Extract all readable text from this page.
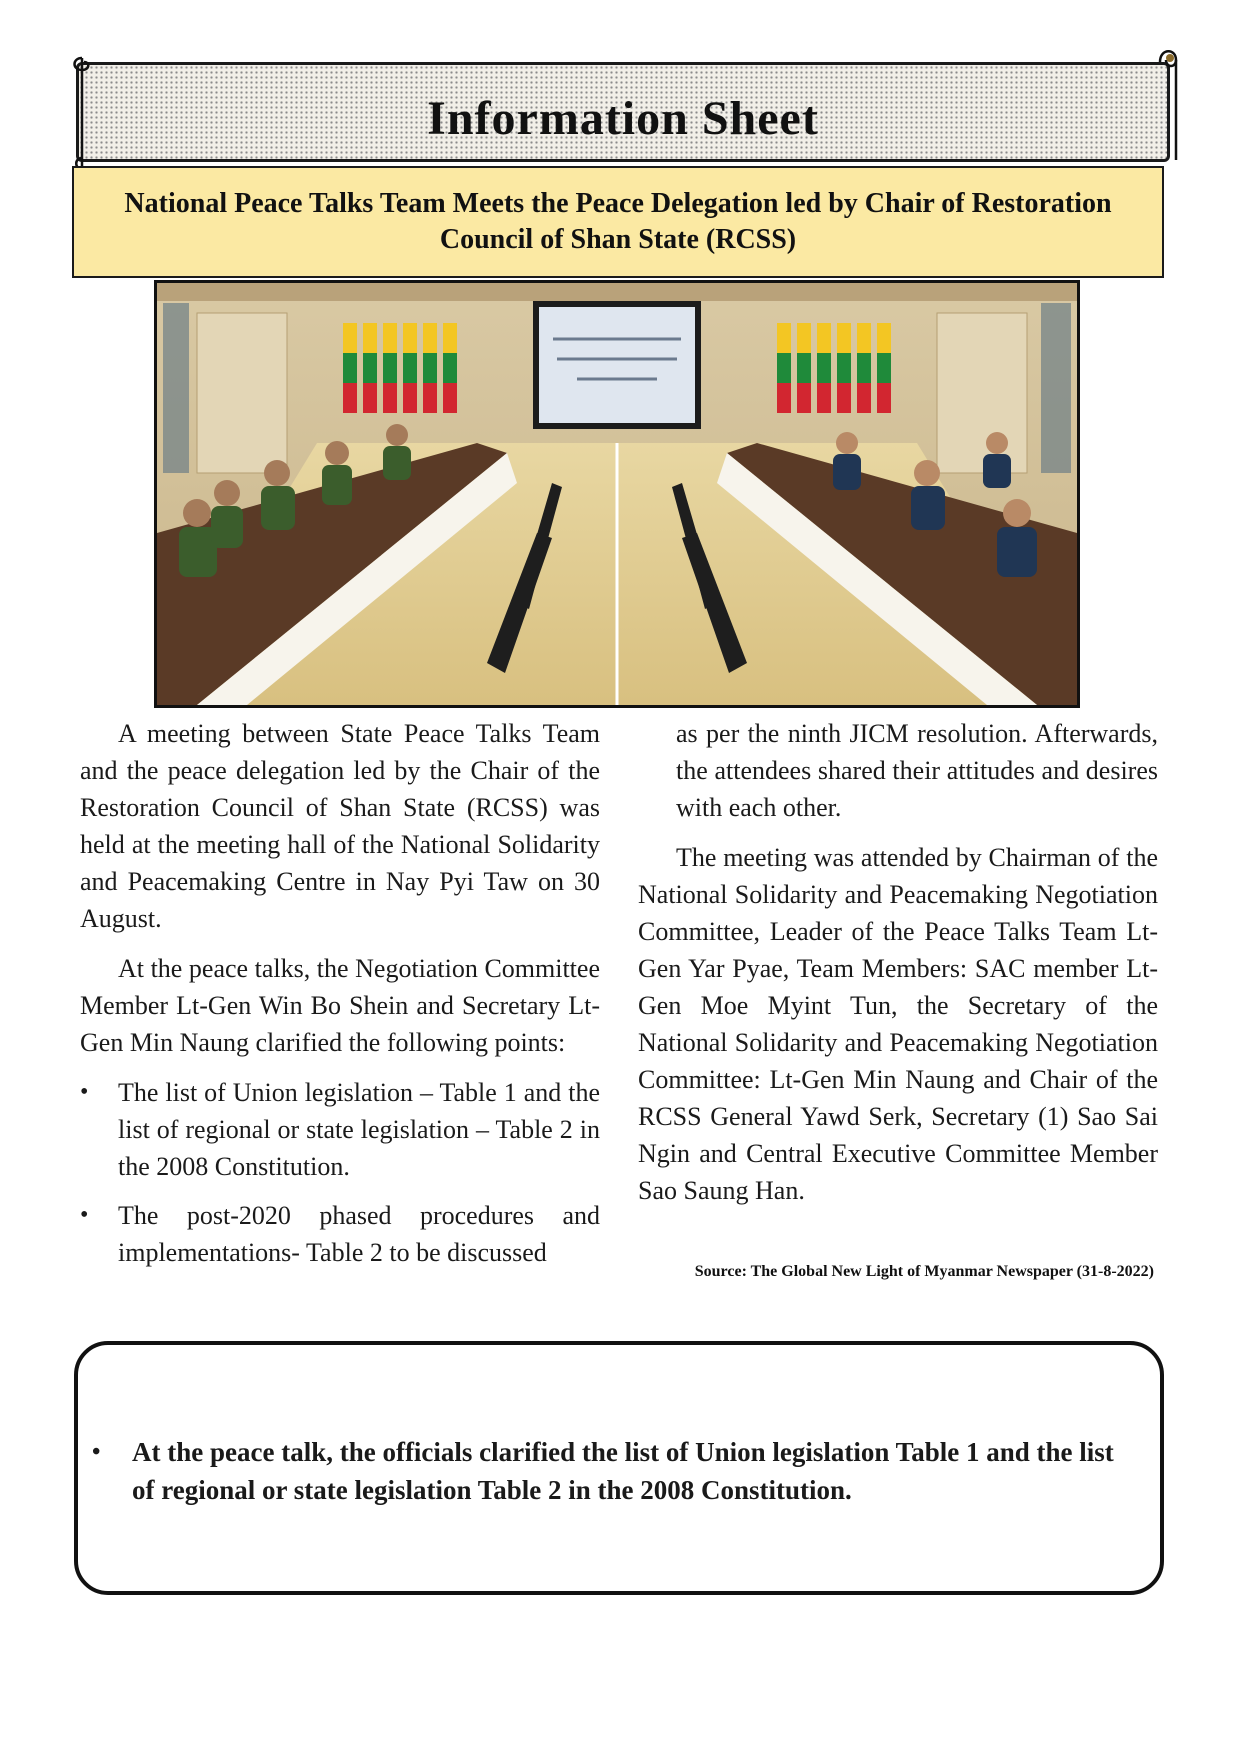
Information Sheet
National Peace Talks Team Meets the Peace Delegation led by Chair of Restoration Council of Shan State (RCSS)

A meeting between State Peace Talks Team and the peace delegation led by the Chair of the Restoration Council of Shan State (RCSS) was held at the meeting hall of the National Solidarity and Peacemaking Centre in Nay Pyi Taw on 30 August.

At the peace talks, the Negotiation Committee Member Lt-Gen Win Bo Shein and Secretary Lt-Gen Min Naung clarified the following points:

• The list of Union legislation – Table 1 and the list of regional or state legislation – Table 2 in the 2008 Constitution.
• The post-2020 phased procedures and implementations- Table 2 to be discussed

as per the ninth JICM resolution. Afterwards, the attendees shared their attitudes and desires with each other.

The meeting was attended by Chairman of the National Solidarity and Peacemaking Negotiation Committee, Leader of the Peace Talks Team Lt-Gen Yar Pyae, Team Members: SAC member Lt-Gen Moe Myint Tun, the Secretary of the National Solidarity and Peacemaking Negotiation Committee: Lt-Gen Min Naung and Chair of the RCSS General Yawd Serk, Secretary (1) Sao Sai Ngin and Central Executive Committee Member Sao Saung Han.

Source: The Global New Light of Myanmar Newspaper (31-8-2022)
• At the peace talk, the officials clarified the list of Union legislation Table 1 and the list of regional or state legislation Table 2 in the 2008 Constitution.
